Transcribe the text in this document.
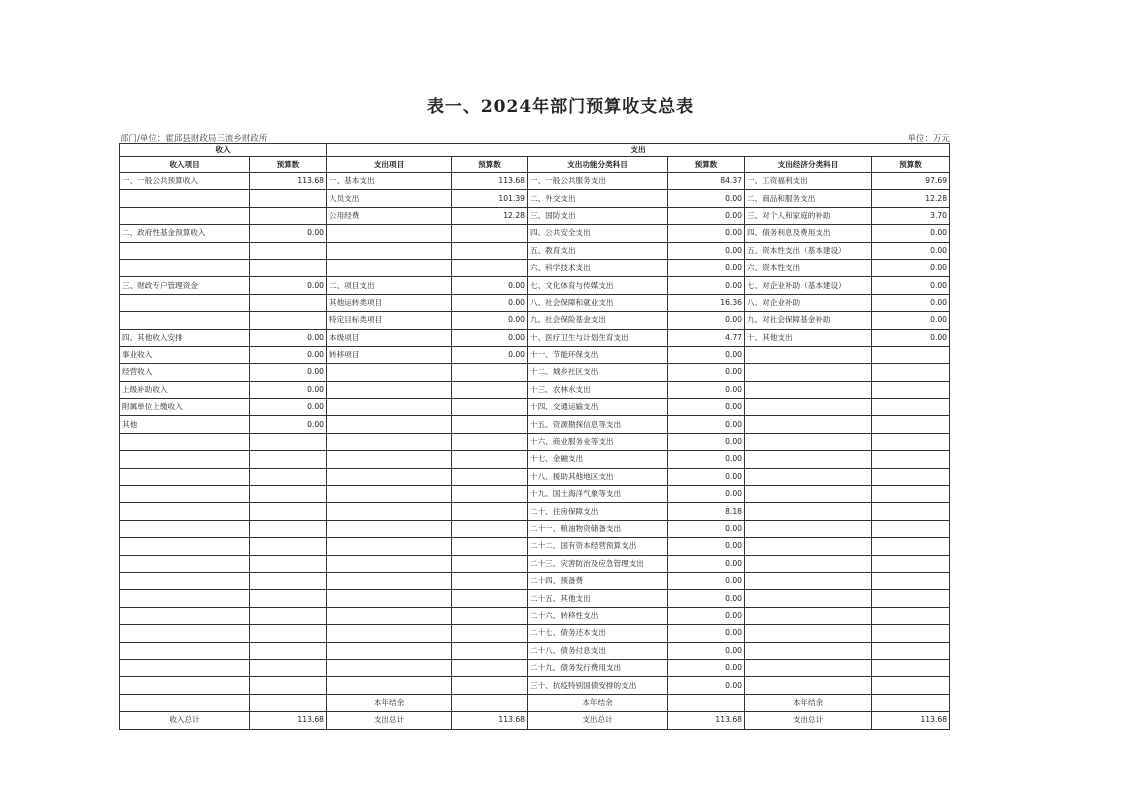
表一、2024年部门预算收支总表
部门/单位：霍邱县财政局三流乡财政所	单位：万元
收入		支出					
收入项目	预算数	支出项目	预算数	支出功能分类科目	预算数	支出经济分类科目	预算数
一、一般公共预算收入	113.68	一、基本支出	113.68	一、一般公共服务支出	84.37	一、工资福利支出	97.69
		人员支出	101.39	二、外交支出	0.00	二、商品和服务支出	12.28
		公用经费	12.28	三、国防支出	0.00	三、对个人和家庭的补助	3.70
二、政府性基金预算收入	0.00			四、公共安全支出	0.00	四、债务利息及费用支出	0.00
				五、教育支出	0.00	五、资本性支出（基本建设）	0.00
				六、科学技术支出	0.00	六、资本性支出	0.00
三、财政专户管理资金	0.00	二、项目支出	0.00	七、文化体育与传媒支出	0.00	七、对企业补助（基本建设）	0.00
		其他运转类项目	0.00	八、社会保障和就业支出	16.36	八、对企业补助	0.00
		特定目标类项目	0.00	九、社会保险基金支出	0.00	九、对社会保障基金补助	0.00
四、其他收入安排	0.00	本级项目	0.00	十、医疗卫生与计划生育支出	4.77	十、其他支出	0.00
事业收入	0.00	转移项目	0.00	十一、节能环保支出	0.00		
经营收入	0.00			十二、城乡社区支出	0.00		
上级补助收入	0.00			十三、农林水支出	0.00		
附属单位上缴收入	0.00			十四、交通运输支出	0.00		
其他	0.00			十五、资源勘探信息等支出	0.00		
				十六、商业服务业等支出	0.00		
				十七、金融支出	0.00		
				十八、援助其他地区支出	0.00		
				十九、国土海洋气象等支出	0.00		
				二十、住房保障支出	8.18		
				二十一、粮油物资储备支出	0.00		
				二十二、国有资本经营预算支出	0.00		
				二十三、灾害防治及应急管理支出	0.00		
				二十四、预备费	0.00		
				二十五、其他支出	0.00		
				二十六、转移性支出	0.00		
				二十七、债务还本支出	0.00		
				二十八、债务付息支出	0.00		
				二十九、债务发行费用支出	0.00		
				三十、抗疫特别国债安排的支出	0.00		
		本年结余		本年结余		本年结余	
收入总计	113.68	支出总计	113.68	支出总计	113.68	支出总计	113.68
